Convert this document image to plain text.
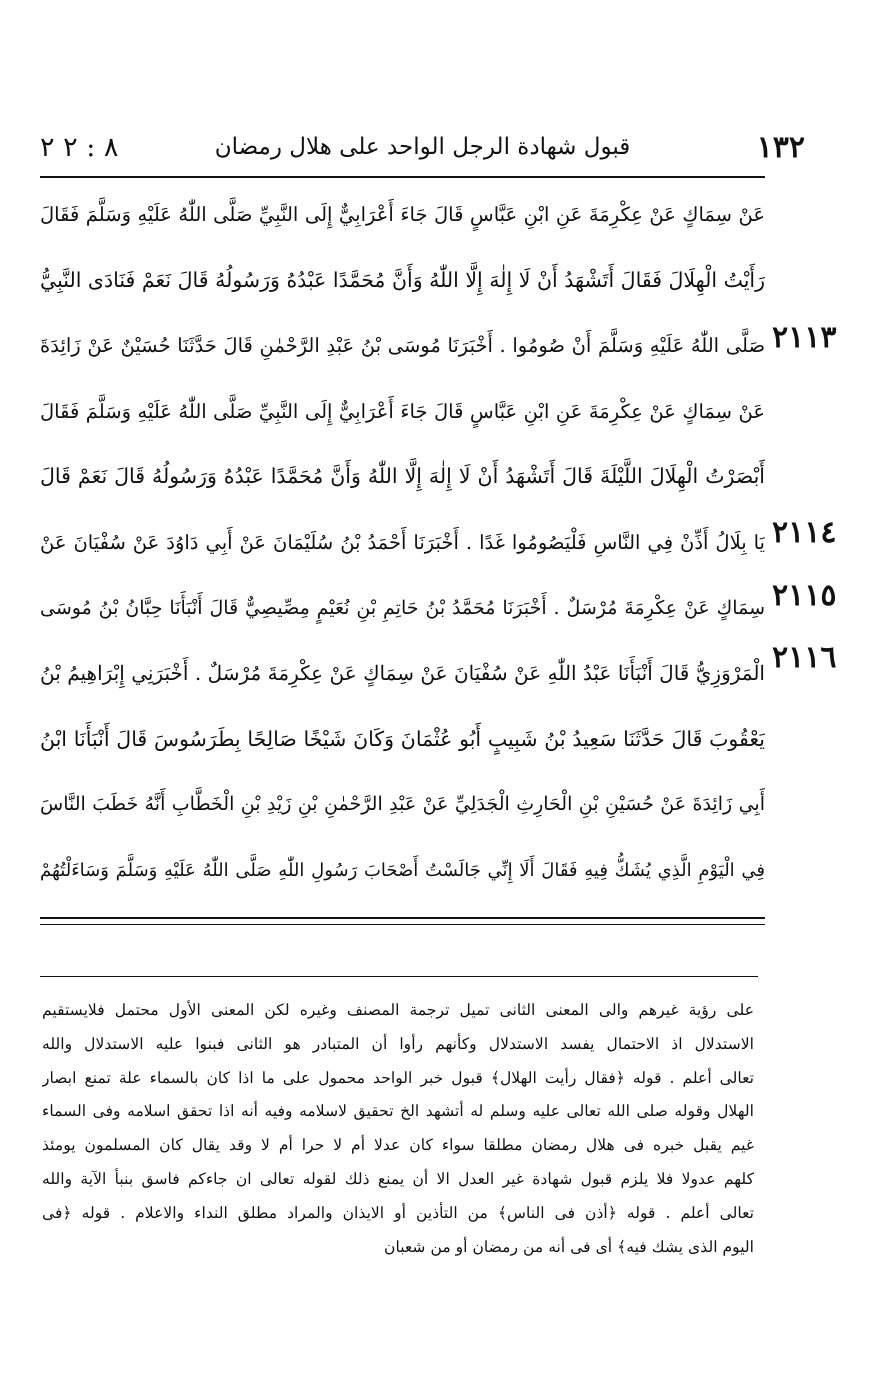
١٣٢
قبول شهادة الرجل الواحد على هلال رمضان
٨ : ٢ ٢
عَنْ سِمَاكٍ عَنْ عِكْرِمَةَ عَنِ ابْنِ عَبَّاسٍ قَالَ جَاءَ أَعْرَابِيٌّ إِلَى النَّبِيِّ صَلَّى اللّٰهُ عَلَيْهِ وَسَلَّمَ فَقَالَ
رَأَيْتُ الْهِلَالَ فَقَالَ أَتَشْهَدُ أَنْ لَا إِلٰهَ إِلَّا اللّٰهُ وَأَنَّ مُحَمَّدًا عَبْدُهُ وَرَسُولُهُ قَالَ نَعَمْ فَنَادَى النَّبِيُّ
صَلَّى اللّٰهُ عَلَيْهِ وَسَلَّمَ أَنْ صُومُوا . أَخْبَرَنَا مُوسَى بْنُ عَبْدِ الرَّحْمٰنِ قَالَ حَدَّثَنَا حُسَيْنٌ عَنْ زَائِدَةَ
عَنْ سِمَاكٍ عَنْ عِكْرِمَةَ عَنِ ابْنِ عَبَّاسٍ قَالَ جَاءَ أَعْرَابِيٌّ إِلَى النَّبِيِّ صَلَّى اللّٰهُ عَلَيْهِ وَسَلَّمَ فَقَالَ
أَبْصَرْتُ الْهِلَالَ اللَّيْلَةَ قَالَ أَتَشْهَدُ أَنْ لَا إِلٰهَ إِلَّا اللّٰهُ وَأَنَّ مُحَمَّدًا عَبْدُهُ وَرَسُولُهُ قَالَ نَعَمْ قَالَ
يَا بِلَالُ أَذِّنْ فِي النَّاسِ فَلْيَصُومُوا غَدًا . أَخْبَرَنَا أَحْمَدُ بْنُ سُلَيْمَانَ عَنْ أَبِي دَاوُدَ عَنْ سُفْيَانَ عَنْ
سِمَاكٍ عَنْ عِكْرِمَةَ مُرْسَلٌ . أَخْبَرَنَا مُحَمَّدُ بْنُ حَاتِمِ بْنِ نُعَيْمٍ مِصِّيصِيٌّ قَالَ أَنْبَأَنَا حِبَّانُ بْنُ مُوسَى
الْمَرْوَزِيُّ قَالَ أَنْبَأَنَا عَبْدُ اللّٰهِ عَنْ سُفْيَانَ عَنْ سِمَاكٍ عَنْ عِكْرِمَةَ مُرْسَلٌ . أَخْبَرَنِي إِبْرَاهِيمُ بْنُ
يَعْقُوبَ قَالَ حَدَّثَنَا سَعِيدُ بْنُ شَبِيبٍ أَبُو عُثْمَانَ وَكَانَ شَيْخًا صَالِحًا بِطَرَسُوسَ قَالَ أَنْبَأَنَا ابْنُ
أَبِي زَائِدَةَ عَنْ حُسَيْنِ بْنِ الْحَارِثِ الْجَدَلِيِّ عَنْ عَبْدِ الرَّحْمٰنِ بْنِ زَيْدِ بْنِ الْخَطَّابِ أَنَّهُ خَطَبَ النَّاسَ
فِي الْيَوْمِ الَّذِي يُشَكُّ فِيهِ فَقَالَ أَلَا إِنِّي جَالَسْتُ أَصْحَابَ رَسُولِ اللّٰهِ صَلَّى اللّٰهُ عَلَيْهِ وَسَلَّمَ وَسَاءَلْتُهُمْ
٢١١٣
٢١١٤
٢١١٥
٢١١٦
على رؤية غيرهم والى المعنى الثانى تميل ترجمة المصنف وغيره لكن المعنى الأول محتمل فلايستقيم
الاستدلال اذ الاحتمال يفسد الاستدلال وكأنهم رأوا أن المتبادر هو الثانى فبنوا عليه الاستدلال والله
تعالى أعلم . قوله ﴿فقال رأيت الهلال﴾ قبول خبر الواحد محمول على ما اذا كان بالسماء علة تمنع ابصار
الهلال وقوله صلى الله تعالى عليه وسلم له أتشهد الخ تحقيق لاسلامه وفيه أنه اذا تحقق اسلامه وفى السماء
غيم يقبل خبره فى هلال رمضان مطلقا سواء كان عدلا أم لا حرا أم لا وقد يقال كان المسلمون يومئذ
كلهم عدولا فلا يلزم قبول شهادة غير العدل الا أن يمنع ذلك لقوله تعالى ان جاءكم فاسق بنبأ الآية والله
تعالى أعلم . قوله ﴿أذن فى الناس﴾ من التأذين أو الايذان والمراد مطلق النداء والاعلام . قوله ﴿فى
اليوم الذى يشك فيه﴾ أى فى أنه من رمضان أو من شعبان
